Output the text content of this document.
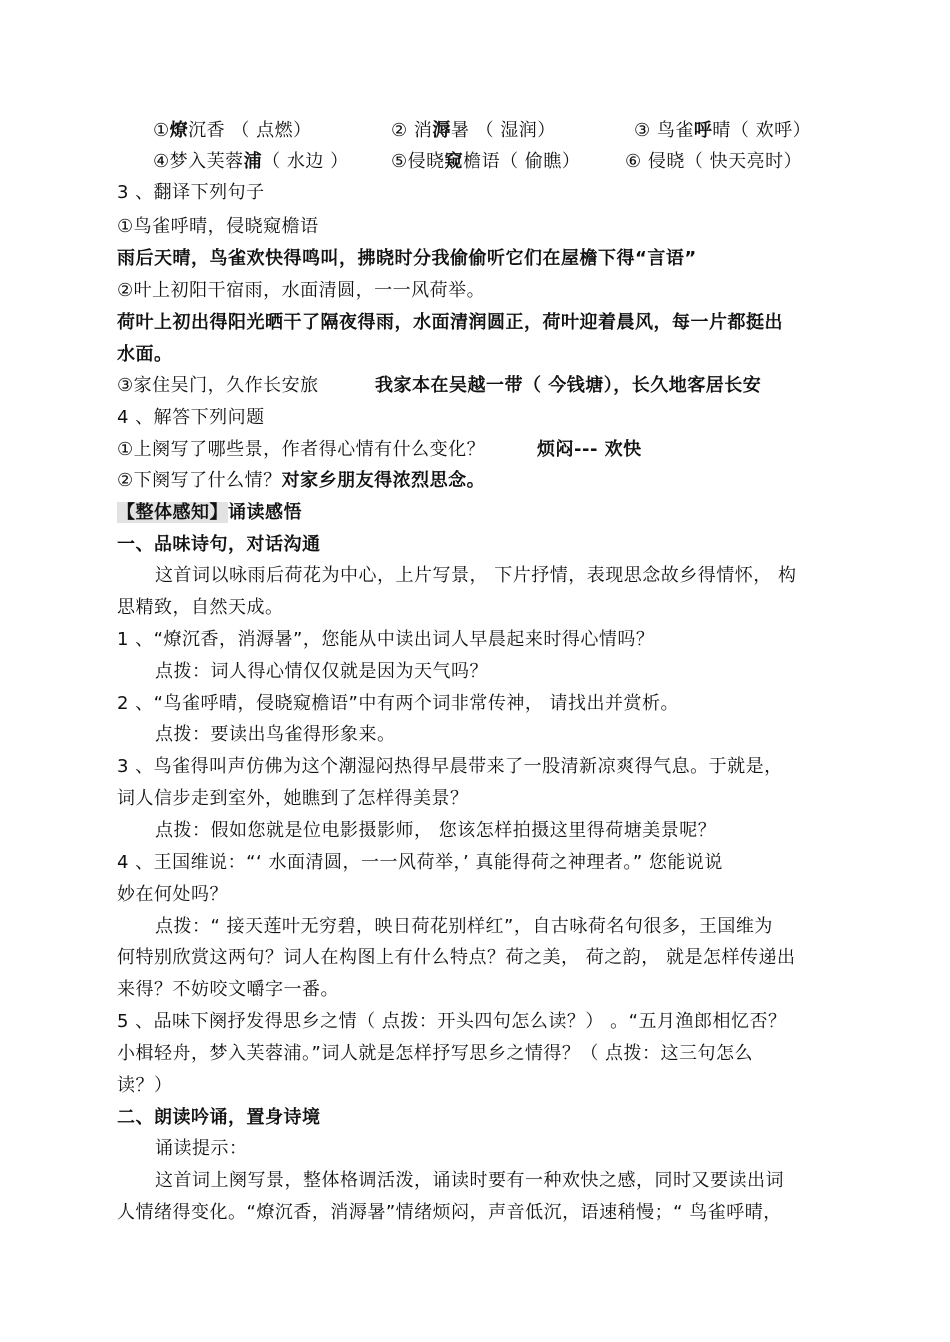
①燎沉香 （ 点燃）	② 消溽暑 （ 湿润）	③ 鸟雀呼晴（ 欢呼）
④梦入芙蓉浦（ 水边 ） ⑤侵晓窥檐语（ 偷瞧） ⑥ 侵晓（ 快天亮时）
3 、翻译下列句子
①鸟雀呼晴，侵晓窥檐语
雨后天晴，鸟雀欢快得鸣叫，拂晓时分我偷偷听它们在屋檐下得“言语”
②叶上初阳干宿雨，水面清圆，一一风荷举。
荷叶上初出得阳光晒干了隔夜得雨，水面清润圆正，荷叶迎着晨风，每一片都挺出
水面。
③家住吴门，久作长安旅	我家本在吴越一带（ 今钱塘），长久地客居长安
4 、解答下列问题
①上阕写了哪些景，作者得心情有什么变化？	烦闷--- 欢快
②下阕写了什么情？对家乡朋友得浓烈思念。
【整体感知】诵读感悟
一、品味诗句，对话沟通
这首词以咏雨后荷花为中心，上片写景， 下片抒情，表现思念故乡得情怀， 构
思精致，自然天成。
1 、“燎沉香，消溽暑”，您能从中读出词人早晨起来时得心情吗？
点拨：词人得心情仅仅就是因为天气吗？
2 、“鸟雀呼晴，侵晓窥檐语”中有两个词非常传神， 请找出并赏析。
点拨：要读出鸟雀得形象来。
3 、鸟雀得叫声仿佛为这个潮湿闷热得早晨带来了一股清新凉爽得气息。于就是，
词人信步走到室外，她瞧到了怎样得美景？
点拨：假如您就是位电影摄影师， 您该怎样拍摄这里得荷塘美景呢？
4 、王国维说：“‘ 水面清圆，一一风荷举，’ 真能得荷之神理者。” 您能说说
妙在何处吗？
点拨：“ 接天莲叶无穷碧，映日荷花别样红”，自古咏荷名句很多，王国维为
何特别欣赏这两句？词人在构图上有什么特点？荷之美， 荷之韵， 就是怎样传递出
来得？不妨咬文嚼字一番。
5 、品味下阕抒发得思乡之情（ 点拨：开头四句怎么读？） 。“五月渔郎相忆否？
小楫轻舟，梦入芙蓉浦。”词人就是怎样抒写思乡之情得？（ 点拨：这三句怎么
读？）
二、朗读吟诵，置身诗境
诵读提示：
这首词上阕写景，整体格调活泼，诵读时要有一种欢快之感，同时又要读出词
人情绪得变化。“燎沉香，消溽暑”情绪烦闷，声音低沉，语速稍慢；“ 鸟雀呼晴，
